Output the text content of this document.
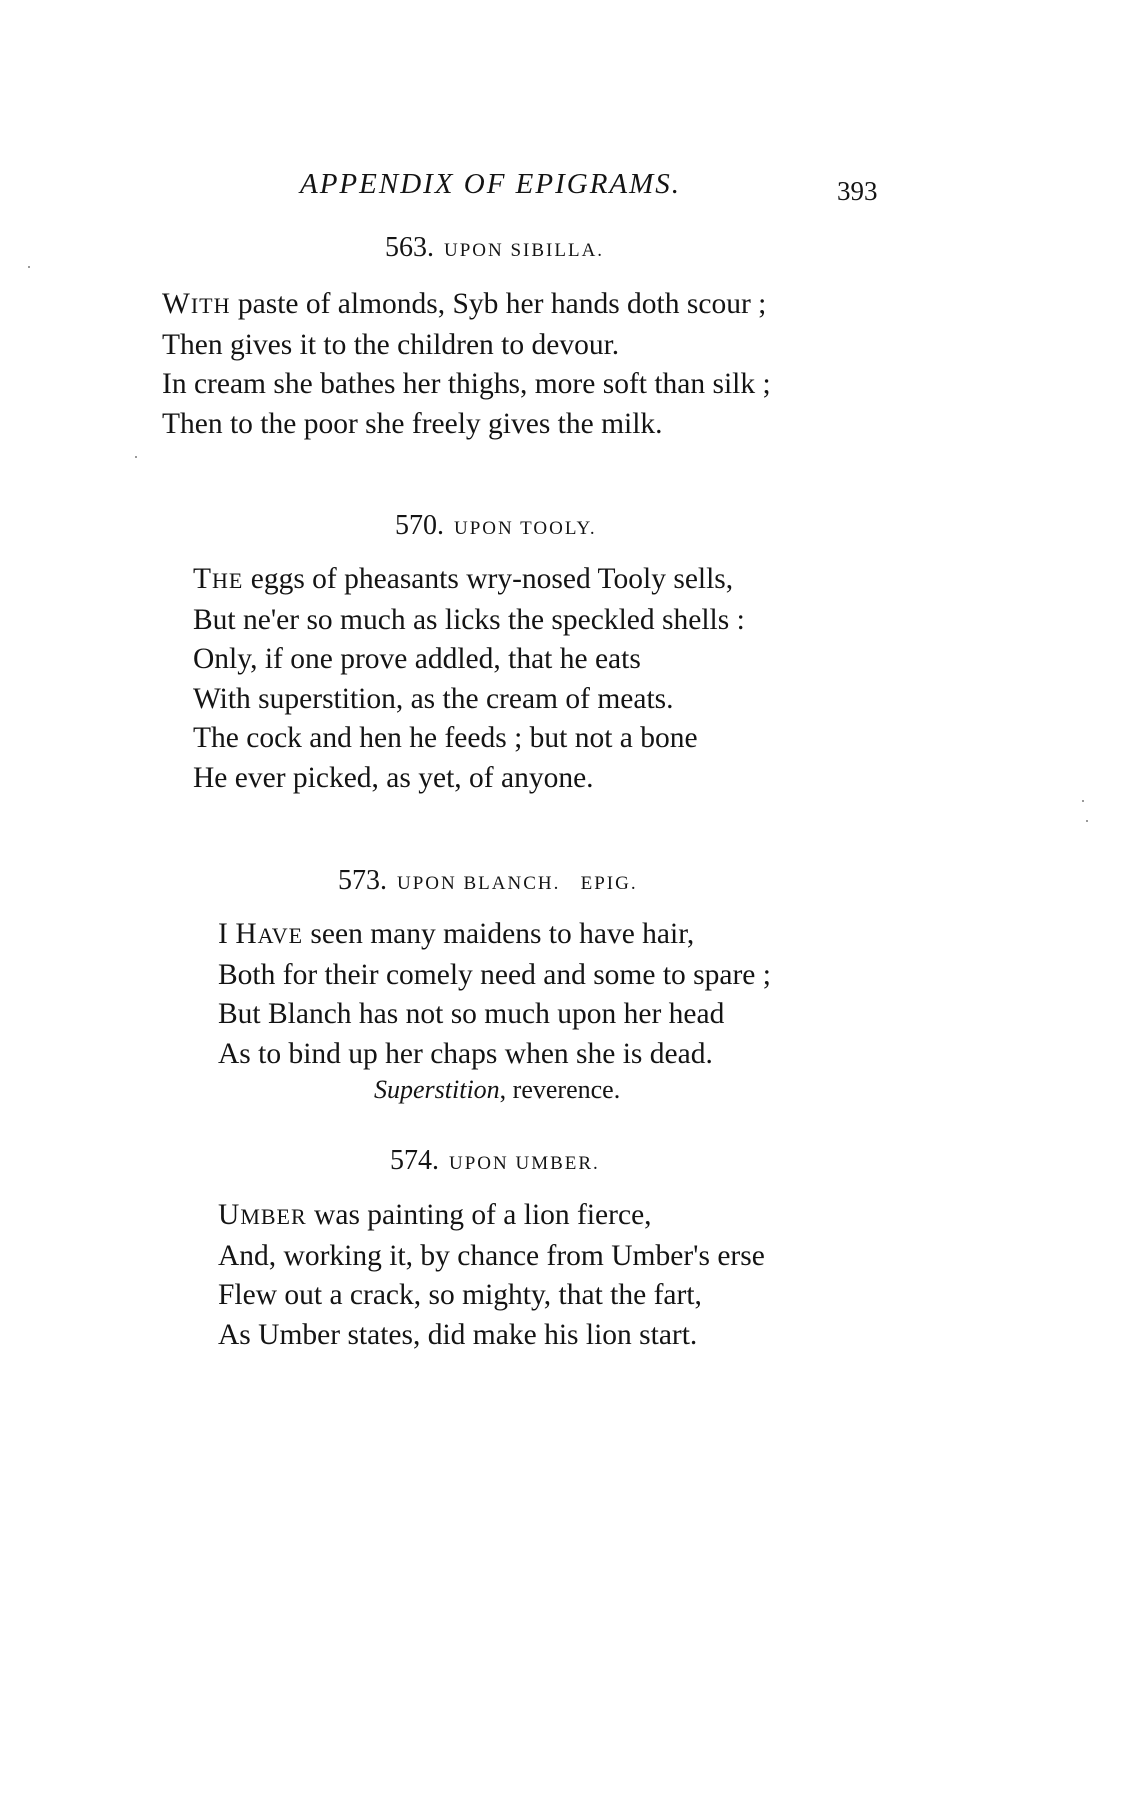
APPENDIX OF EPIGRAMS.	393
563. UPON SIBILLA.
WITH paste of almonds, Syb her hands doth scour ;
Then gives it to the children to devour.
In cream she bathes her thighs, more soft than silk ;
Then to the poor she freely gives the milk.
570. UPON TOOLY.
THE eggs of pheasants wry-nosed Tooly sells,
But ne'er so much as licks the speckled shells :
Only, if one prove addled, that he eats
With superstition, as the cream of meats.
The cock and hen he feeds ; but not a bone
He ever picked, as yet, of anyone.
573. UPON BLANCH.   EPIG.
I HAVE seen many maidens to have hair,
Both for their comely need and some to spare ;
But Blanch has not so much upon her head
As to bind up her chaps when she is dead.
574. UPON UMBER.
UMBER was painting of a lion fierce,
And, working it, by chance from Umber's erse
Flew out a crack, so mighty, that the fart,
As Umber states, did make his lion start.
Superstition, reverence.
